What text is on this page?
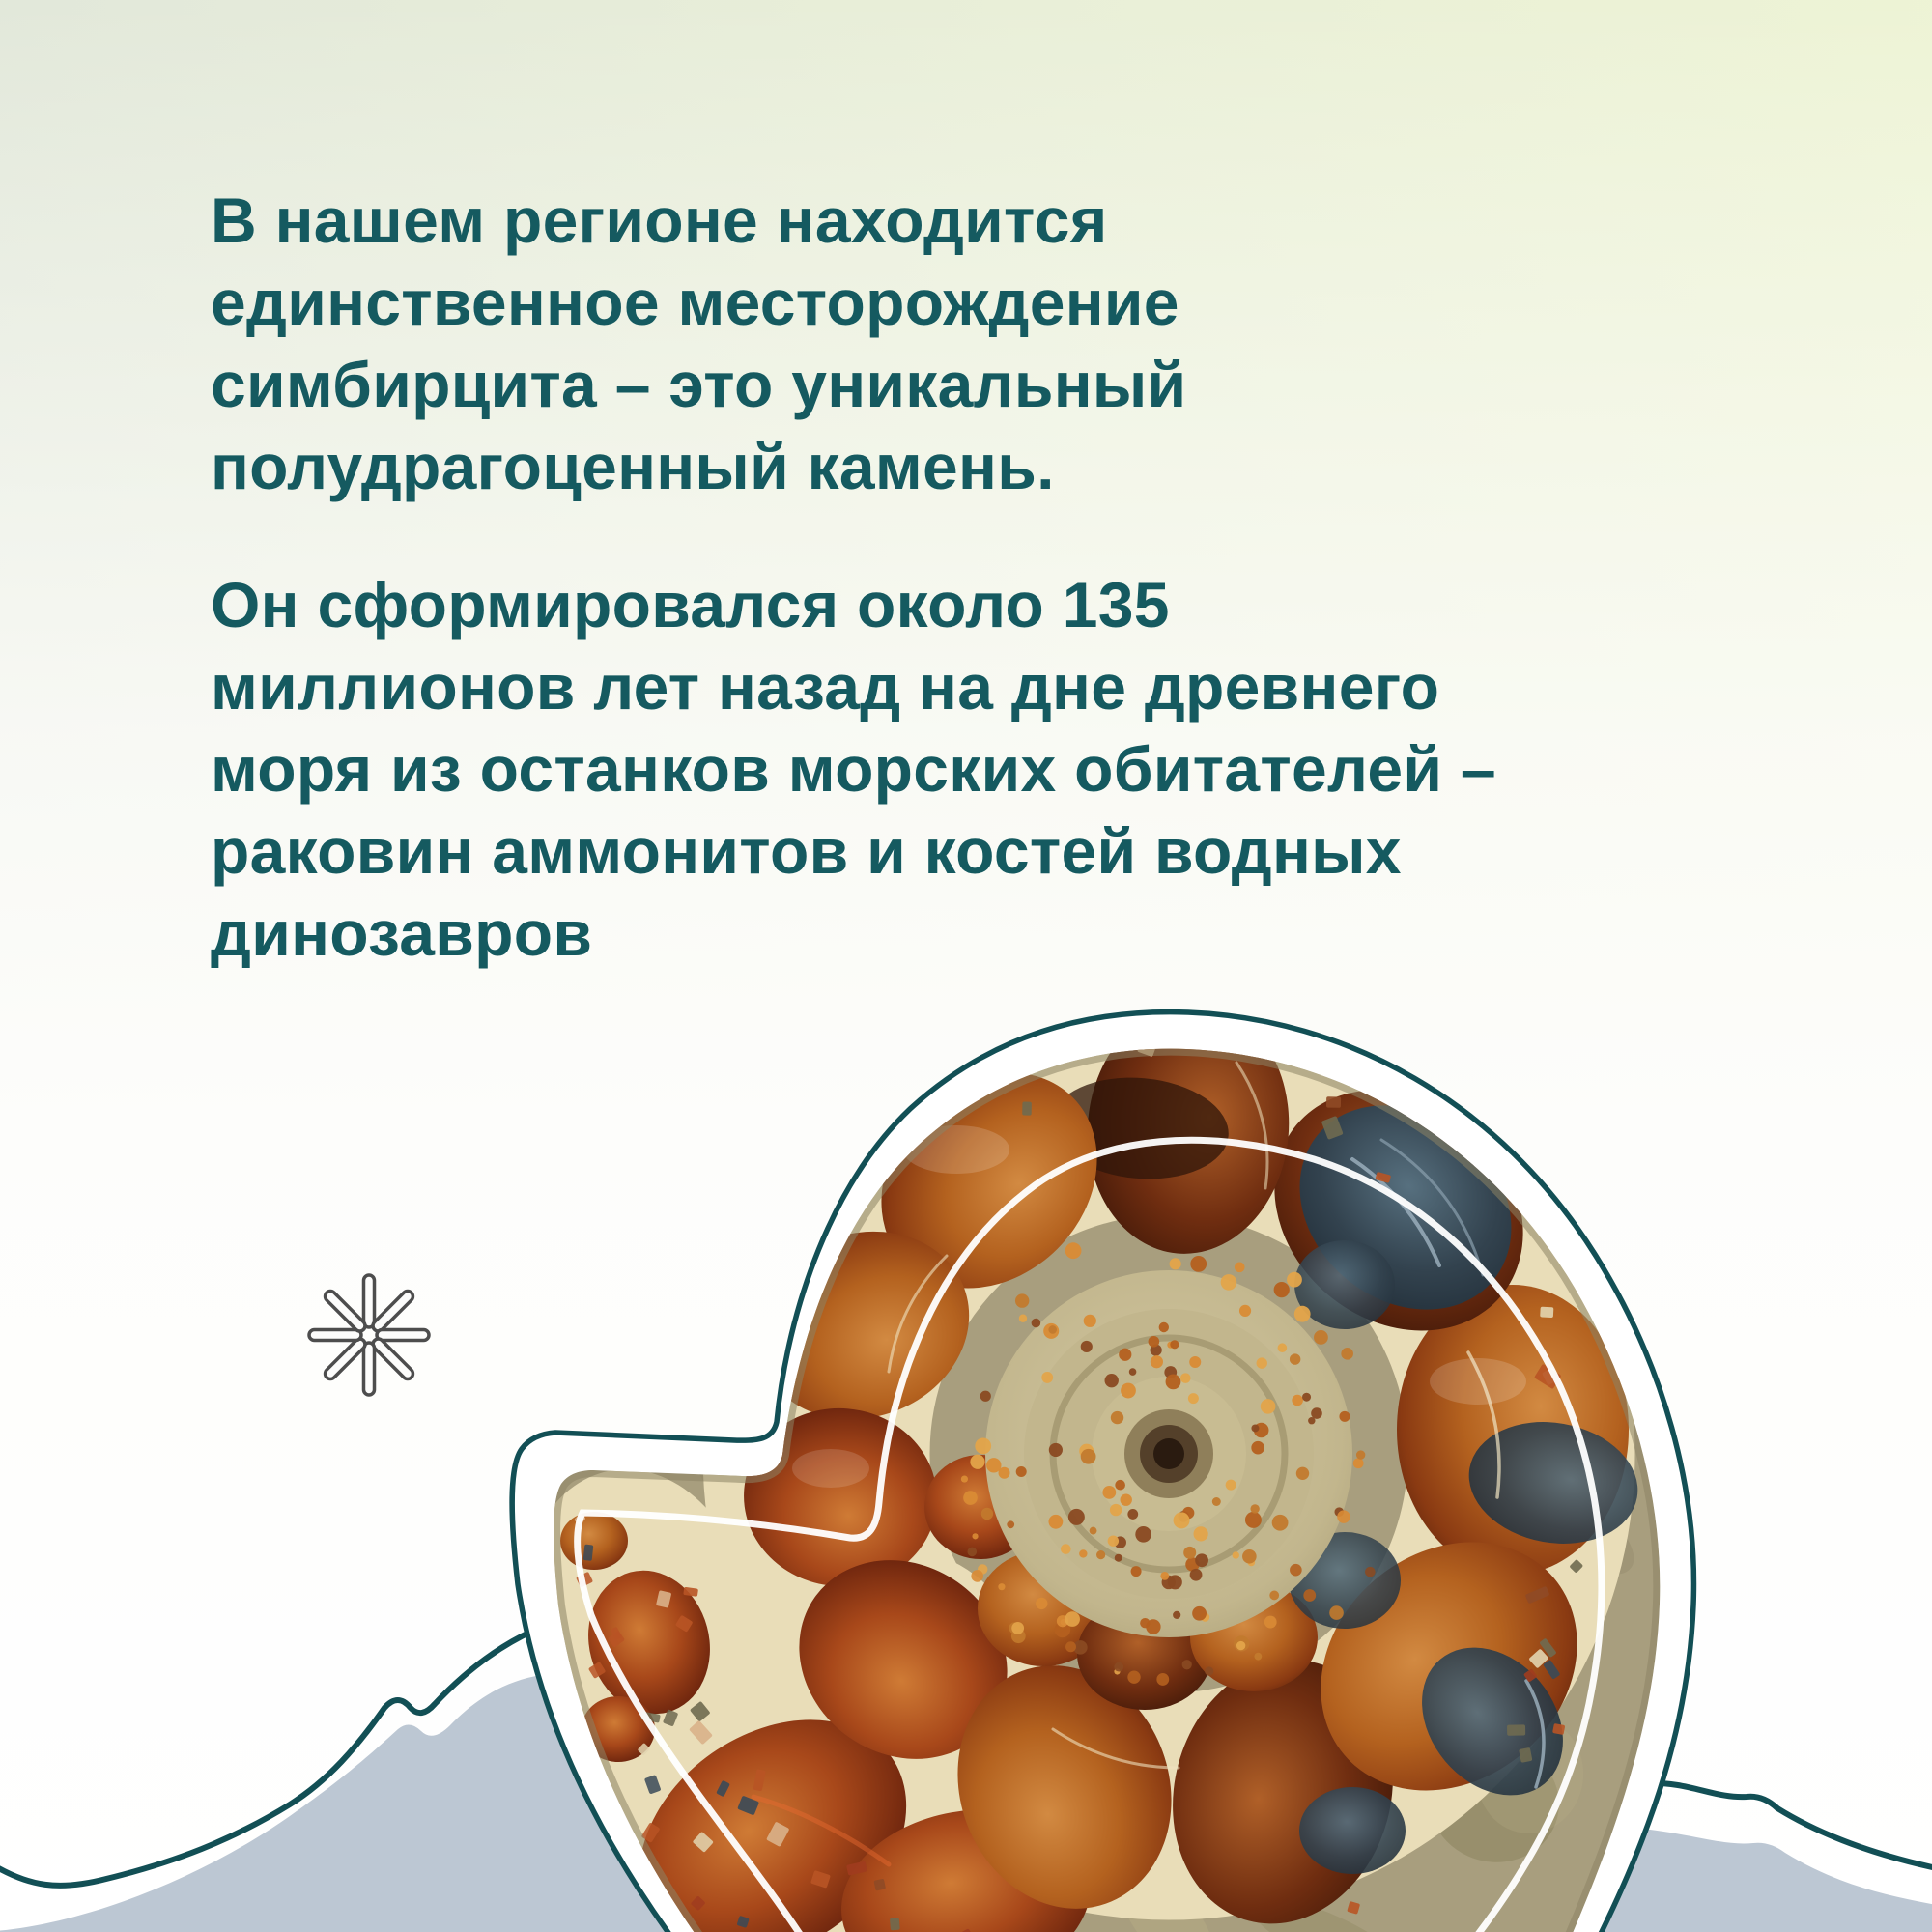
В нашем регионе находится
единственное месторождение
симбирцита – это уникальный
полудрагоценный камень.

Он сформировался около 135
миллионов лет назад на дне древнего
моря из останков морских обитателей –
раковин аммонитов и костей водных
динозавров
